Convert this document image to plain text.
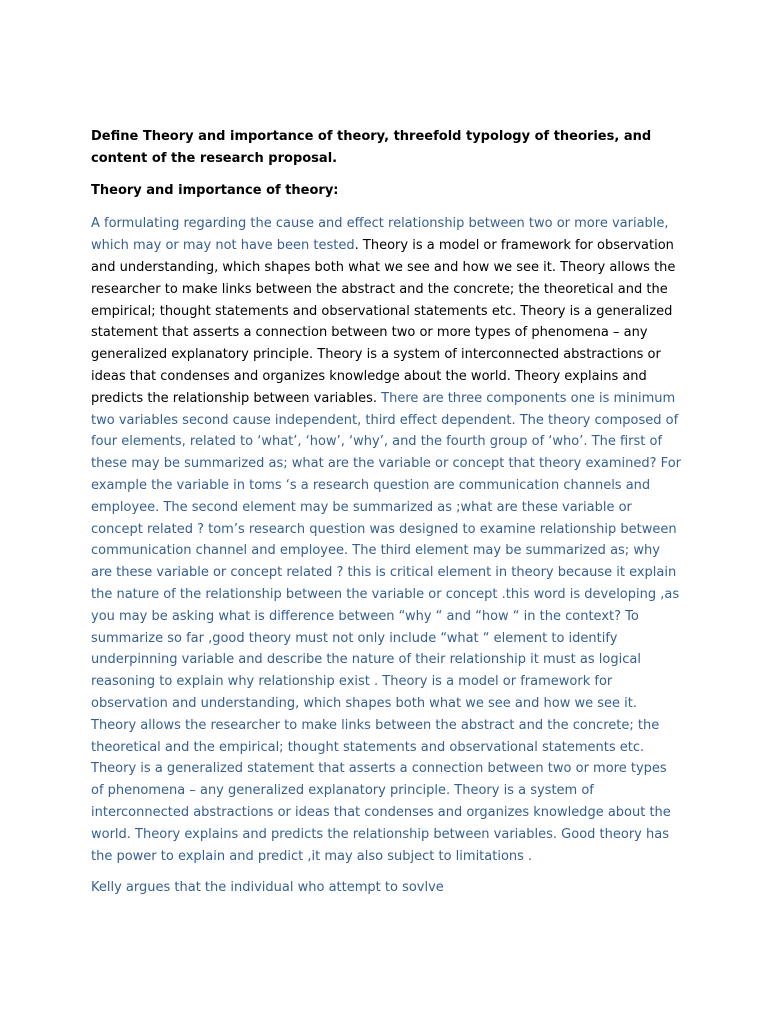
Define Theory and importance of theory, threefold typology of theories, and content of the research proposal.

Theory and importance of theory:

A formulating regarding the cause and effect relationship between two or more variable, which may or may not have been tested. Theory is a model or framework for observation and understanding, which shapes both what we see and how we see it. Theory allows the researcher to make links between the abstract and the concrete; the theoretical and the empirical; thought statements and observational statements etc. Theory is a generalized statement that asserts a connection between two or more types of phenomena – any generalized explanatory principle. Theory is a system of interconnected abstractions or ideas that condenses and organizes knowledge about the world. Theory explains and predicts the relationship between variables. There are three components one is minimum two variables second cause independent, third effect dependent. The theory composed of four elements, related to ‘what’, ‘how’, ‘why’, and the fourth group of ‘who’. The first of these may be summarized as; what are the variable or concept that theory examined? For example the variable in toms ‘s a research question are communication channels and employee. The second element may be summarized as ;what are these variable or concept related ? tom’s research question was designed to examine relationship between communication channel and employee. The third element may be summarized as; why are these variable or concept related ? this is critical element in theory because it explain the nature of the relationship between the variable or concept .this word is developing ,as you may be asking what is difference between “why “ and “how “ in the context? To summarize so far ,good theory must not only include “what “ element to identify underpinning variable and describe the nature of their relationship it must as logical reasoning to explain why relationship exist . Theory is a model or framework for observation and understanding, which shapes both what we see and how we see it. Theory allows the researcher to make links between the abstract and the concrete; the theoretical and the empirical; thought statements and observational statements etc. Theory is a generalized statement that asserts a connection between two or more types of phenomena – any generalized explanatory principle. Theory is a system of interconnected abstractions or ideas that condenses and organizes knowledge about the world. Theory explains and predicts the relationship between variables. Good theory has the power to explain and predict ,it may also subject to limitations .

Kelly argues that the individual who attempt to sovlve
